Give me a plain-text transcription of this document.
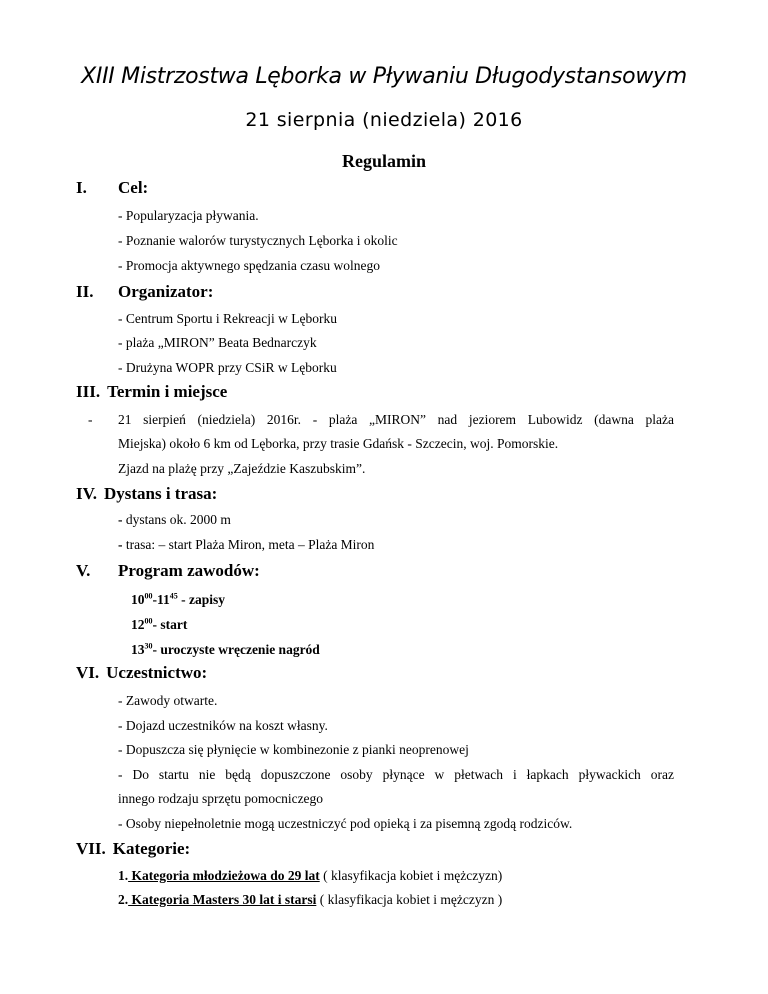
XIII Mistrzostwa Lęborka w Pływaniu Długodystansowym
21 sierpnia (niedziela) 2016
Regulamin
I. Cel:
- Popularyzacja pływania.
- Poznanie walorów turystycznych Lęborka i okolic
- Promocja aktywnego spędzania czasu wolnego
II. Organizator:
- Centrum Sportu i Rekreacji w Lęborku
- plaża „MIRON” Beata Bednarczyk
- Drużyna WOPR przy CSiR w Lęborku
III. Termin i miejsce
- 21 sierpień (niedziela) 2016r. - plaża „MIRON” nad jeziorem Lubowidz (dawna plaża
Miejska) około 6 km od Lęborka, przy trasie Gdańsk - Szczecin, woj. Pomorskie.
Zjazd na plażę przy „Zajeździe Kaszubskim”.
IV. Dystans i trasa:
- dystans ok. 2000 m
- trasa: – start Plaża Miron, meta – Plaża Miron
V. Program zawodów:
$10^{00}-11^{45}$ - zapisy
$12^{00}-$ start
$13^{30}-$ uroczyste wręczenie nagród
VI. Uczestnictwo:
- Zawody otwarte.
- Dojazd uczestników na koszt własny.
- Dopuszcza się płynięcie w kombinezonie z pianki neoprenowej
- Do startu nie będą dopuszczone osoby płynące w płetwach i łapkach pływackich oraz
innego rodzaju sprzętu pomocniczego
- Osoby niepełnoletnie mogą uczestniczyć pod opieką i za pisemną zgodą rodziców.
VII. Kategorie:
1. Kategoria młodzieżowa do 29 lat ( klasyfikacja kobiet i mężczyzn)
2. Kategoria Masters 30 lat i starsi ( klasyfikacja kobiet i mężczyzn )
